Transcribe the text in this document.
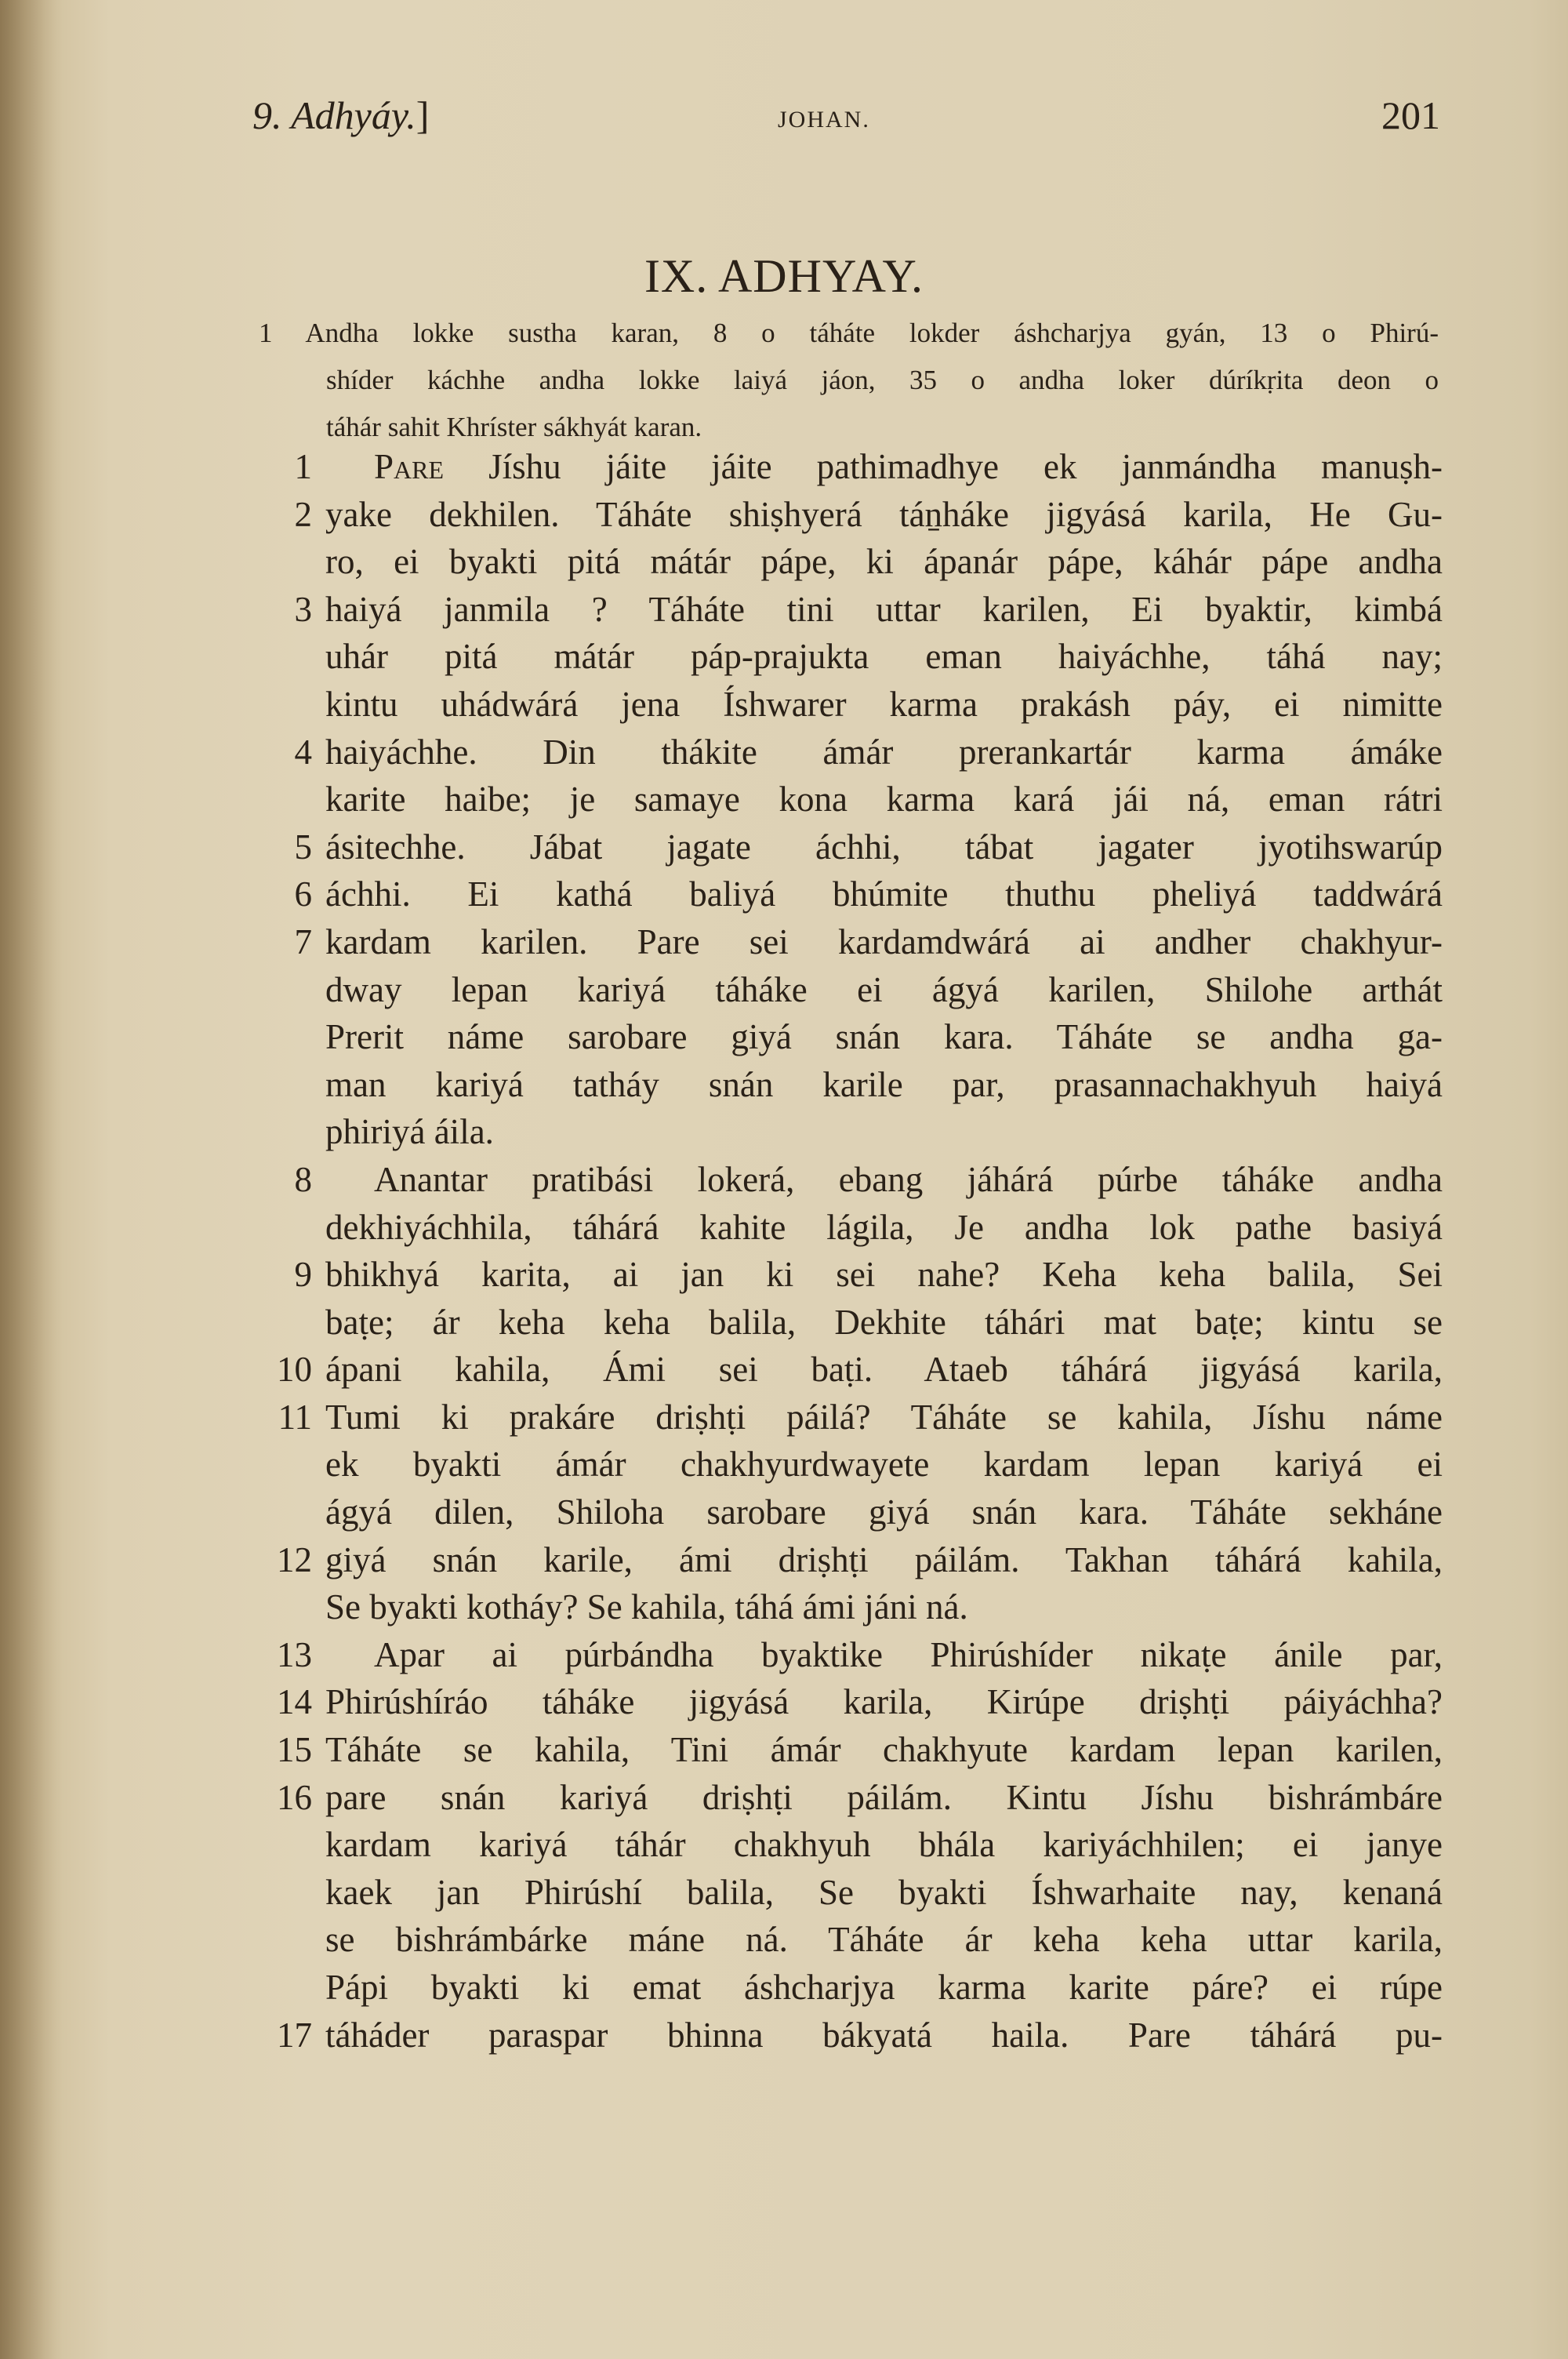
9. Adhyáy.]	JOHAN.	201
IX. ADHYAY.
1 Andha lokke sustha karan, 8 o táháte lokder áshcharjya gyán, 13 o Phirú-
shíder káchhe andha lokke laiyá jáon, 35 o andha loker dúríkṛita deon o
táhár sahit Khríster sákhyát karan.
1	Pare Jíshu jáite jáite pathimadhye ek janmándha manuṣh-
2 yake dekhilen. Táháte shiṣhyerá táṉháke jigyásá karila, He Gu-
ro, ei byakti pitá mátár pápe, ki ápanár pápe, káhár pápe andha
3 haiyá janmila ? Táháte tini uttar karilen, Ei byaktir, kimbá
uhár pitá mátár páp-prajukta eman haiyáchhe, táhá nay;
kintu uhádwárá jena Íshwarer karma prakásh páy, ei nimitte
4 haiyáchhe. Din thákite ámár prerankartár karma ámáke
karite haibe; je samaye kona karma kará jái ná, eman rátri
5 ásitechhe. Jábat jagate áchhi, tábat jagater jyotihswarúp
6 áchhi. Ei kathá baliyá bhúmite thuthu pheliyá taddwárá
7 kardam karilen. Pare sei kardamdwárá ai andher chakhyur-
dway lepan kariyá táháke ei ágyá karilen, Shilohe arthát
Prerit náme sarobare giyá snán kara. Táháte se andha ga-
man kariyá tatháy snán karile par, prasannachakhyuh haiyá
phiriyá áila.
8	Anantar pratibási lokerá, ebang jáhárá púrbe táháke andha
dekhiyáchhila, táhárá kahite lágila, Je andha lok pathe basiyá
9 bhikhyá karita, ai jan ki sei nahe? Keha keha balila, Sei
baṭe; ár keha keha balila, Dekhite táhári mat baṭe; kintu se
10 ápani kahila, Ámi sei baṭi. Ataeb táhárá jigyásá karila,
11 Tumi ki prakáre driṣhṭi páilá? Táháte se kahila, Jíshu náme
ek byakti ámár chakhyurdwayete kardam lepan kariyá ei
ágyá dilen, Shiloha sarobare giyá snán kara. Táháte sekháne
12 giyá snán karile, ámi driṣhṭi páilám. Takhan táhárá kahila,
Se byakti kotháy? Se kahila, táhá ámi jáni ná.
13	Apar ai púrbándha byaktike Phirúshíder nikaṭe ánile par,
14 Phirúshíráo táháke jigyásá karila, Kirúpe driṣhṭi páiyáchha?
15 Táháte se kahila, Tini ámár chakhyute kardam lepan karilen,
16 pare snán kariyá driṣhṭi páilám. Kintu Jíshu bishrámbáre
kardam kariyá táhár chakhyuh bhála kariyáchhilen; ei janye
kaek jan Phirúshí balila, Se byakti Íshwarhaite nay, kenaná
se bishrámbárke máne ná. Táháte ár keha keha uttar karila,
Pápi byakti ki emat áshcharjya karma karite páre? ei rúpe
17 táháder paraspar bhinna bákyatá haila. Pare táhárá pu-
